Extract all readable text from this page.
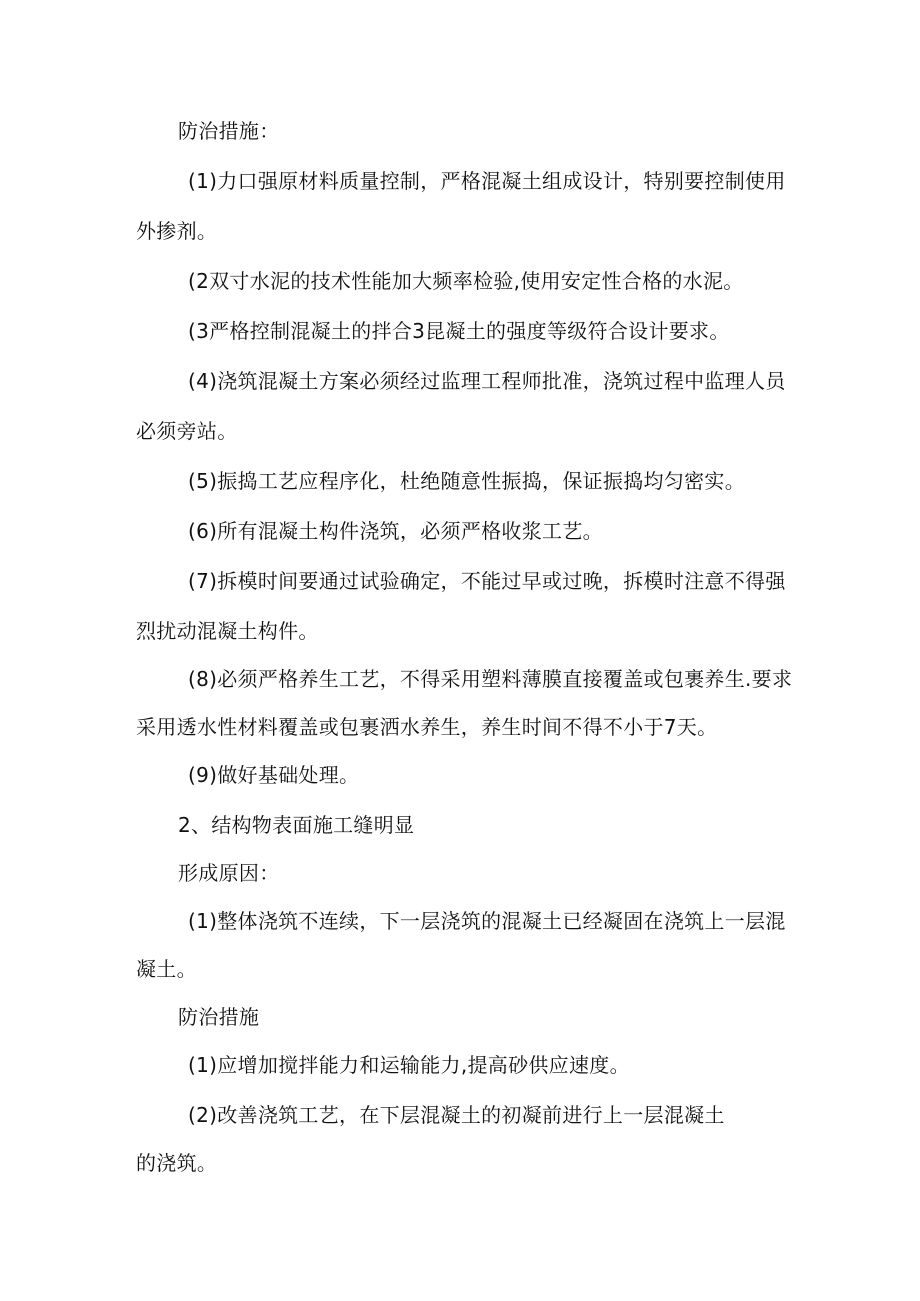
防治措施：
(1)力口强原材料质量控制，严格混凝土组成设计，特别要控制使用
外掺剂。
(2双寸水泥的技术性能加大频率检验,使用安定性合格的水泥。
(3严格控制混凝土的拌合3昆凝土的强度等级符合设计要求。
(4)浇筑混凝土方案必须经过监理工程师批准，浇筑过程中监理人员
必须旁站。
(5)振捣工艺应程序化，杜绝随意性振捣，保证振捣均匀密实。
(6)所有混凝土构件浇筑，必须严格收浆工艺。
(7)拆模时间要通过试验确定，不能过早或过晚，拆模时注意不得强
烈扰动混凝土构件。
(8)必须严格养生工艺，不得采用塑料薄膜直接覆盖或包裹养生.要求
采用透水性材料覆盖或包裹洒水养生，养生时间不得不小于7天。
(9)做好基础处理。
2、结构物表面施工缝明显
形成原因：
(1)整体浇筑不连续，下一层浇筑的混凝土已经凝固在浇筑上一层混
凝土。
防治措施
(1)应增加搅拌能力和运输能力,提高砂供应速度。
(2)改善浇筑工艺，在下层混凝土的初凝前进行上一层混凝土
的浇筑。
